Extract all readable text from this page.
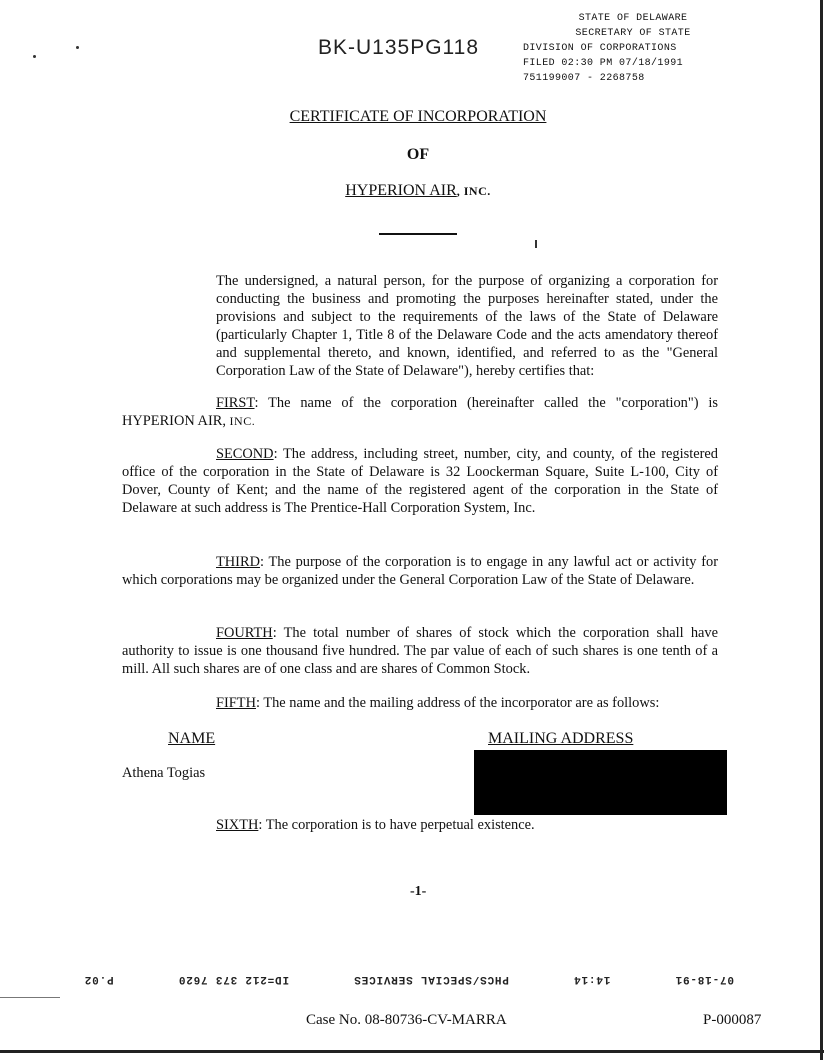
STATE OF DELAWARE
SECRETARY OF STATE
DIVISION OF CORPORATIONS
FILED 02:30 PM 07/18/1991
751199007 - 2268758
BK-U135PG118
CERTIFICATE OF INCORPORATION
OF
HYPERION AIR, INC.

The undersigned, a natural person, for the purpose of organizing a corporation for conducting the business and promoting the purposes hereinafter stated, under the provisions and subject to the requirements of the laws of the State of Delaware (particularly Chapter 1, Title 8 of the Delaware Code and the acts amendatory thereof and supplemental thereto, and known, identified, and referred to as the "General Corporation Law of the State of Delaware"), hereby certifies that:

FIRST: The name of the corporation (hereinafter called the "corporation") is HYPERION AIR, INC.

SECOND: The address, including street, number, city, and county, of the registered office of the corporation in the State of Delaware is 32 Loockerman Square, Suite L-100, City of Dover, County of Kent; and the name of the registered agent of the corporation in the State of Delaware at such address is The Prentice-Hall Corporation System, Inc.

THIRD: The purpose of the corporation is to engage in any lawful act or activity for which corporations may be organized under the General Corporation Law of the State of Delaware.

FOURTH: The total number of shares of stock which the corporation shall have authority to issue is one thousand five hundred. The par value of each of such shares is one tenth of a mill. All such shares are of one class and are shares of Common Stock.

FIFTH: The name and the mailing address of the incorporator are as follows:

NAME	MAILING ADDRESS
Athena Togias
SIXTH: The corporation is to have perpetual existence.
-1-
07-18-91
14:14
PHCS/SPECIAL SERVICES
ID=212 373 7620
P.02
Case No. 08-80736-CV-MARRA	P-000087
